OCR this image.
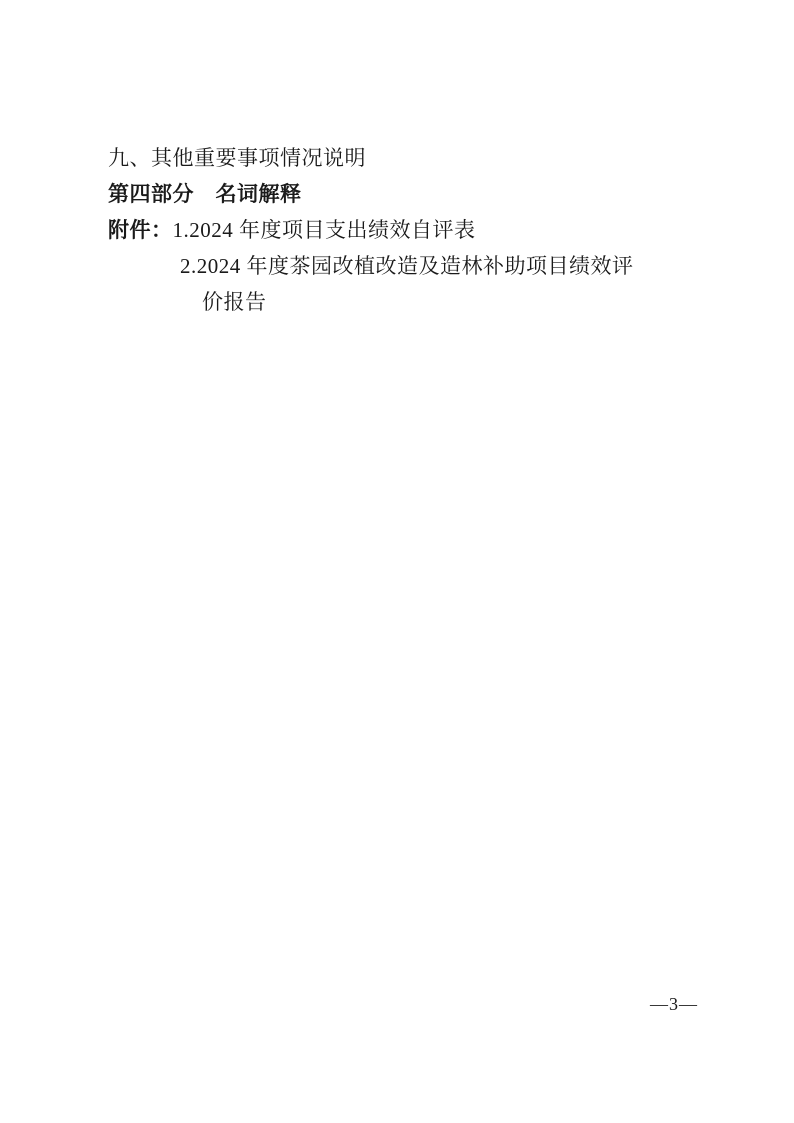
九、其他重要事项情况说明
第四部分　名词解释
附件： 1. 2024 年度项目支出绩效自评表
2. 2024 年度茶园改植改造及造林补助项目绩效评
价报告
—3—
